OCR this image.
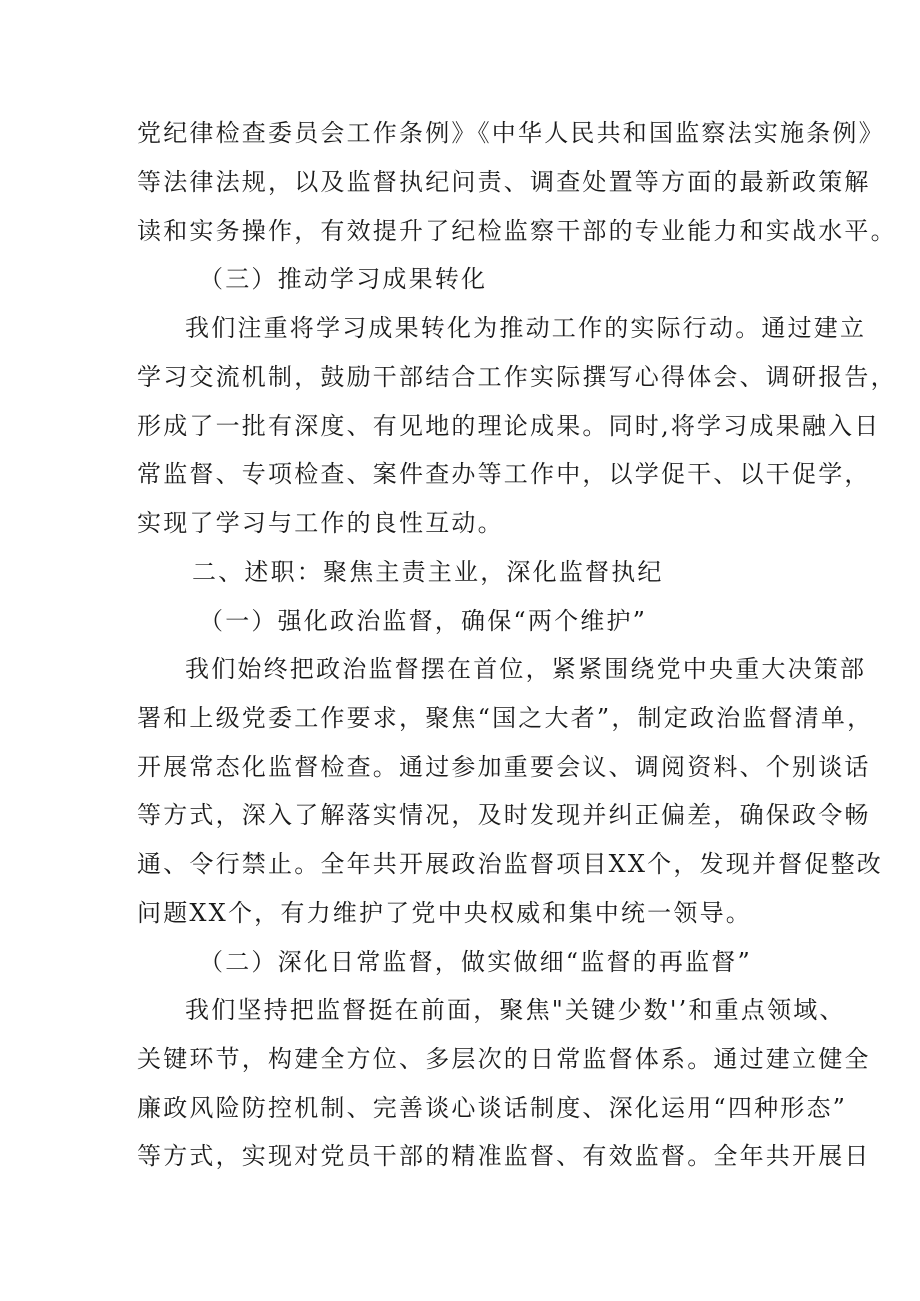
党纪律检查委员会工作条例》《中华人民共和国监察法实施条例》
等法律法规，以及监督执纪问责、调查处置等方面的最新政策解
读和实务操作，有效提升了纪检监察干部的专业能力和实战水平。
（三）推动学习成果转化
我们注重将学习成果转化为推动工作的实际行动。通过建立
学习交流机制，鼓励干部结合工作实际撰写心得体会、调研报告，
形成了一批有深度、有见地的理论成果。同时,将学习成果融入日
常监督、专项检查、案件查办等工作中，以学促干、以干促学，
实现了学习与工作的良性互动。
二、述职：聚焦主责主业，深化监督执纪
（一）强化政治监督，确保“两个维护”
我们始终把政治监督摆在首位，紧紧围绕党中央重大决策部
署和上级党委工作要求，聚焦“国之大者”，制定政治监督清单，
开展常态化监督检查。通过参加重要会议、调阅资料、个别谈话
等方式，深入了解落实情况，及时发现并纠正偏差，确保政令畅
通、令行禁止。全年共开展政治监督项目XX个，发现并督促整改
问题XX个，有力维护了党中央权威和集中统一领导。
（二）深化日常监督，做实做细“监督的再监督”
我们坚持把监督挺在前面，聚焦"关键少数'’和重点领域、
关键环节，构建全方位、多层次的日常监督体系。通过建立健全
廉政风险防控机制、完善谈心谈话制度、深化运用“四种形态”
等方式，实现对党员干部的精准监督、有效监督。全年共开展日
